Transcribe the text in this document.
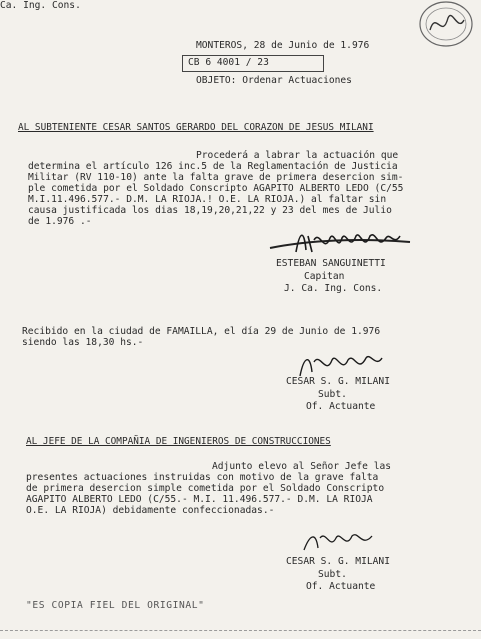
Ca. Ing. Cons.
MONTEROS, 28 de Junio de 1.976
CB 6 4001 / 23
OBJETO: Ordenar Actuaciones
AL SUBTENIENTE CESAR SANTOS GERARDO DEL CORAZON DE JESUS MILANI
Procederá a labrar la actuación que
determina el artículo 126 inc.5 de la Reglamentación de Justicia
Militar (RV 110-10) ante la falta grave de primera desercion sim-
ple cometida por el Soldado Conscripto AGAPITO ALBERTO LEDO (C/55
M.I.11.496.577.- D.M. LA RIOJA.! O.E. LA RIOJA.) al faltar sin
causa justificada los dias 18,19,20,21,22 y 23 del mes de Julio
de 1.976 .-
ESTEBAN SANGUINETTI
Capitan
J. Ca. Ing. Cons.
Recibido en la ciudad de FAMAILLA, el día 29 de Junio de 1.976
siendo las 18,30 hs.-
CESAR S. G. MILANI
Subt.
Of. Actuante
AL JEFE DE LA COMPAÑIA DE INGENIEROS DE CONSTRUCCIONES
Adjunto elevo al Señor Jefe las
presentes actuaciones instruidas con motivo de la grave falta
de primera desercion simple cometida por el Soldado Conscripto
AGAPITO ALBERTO LEDO (C/55.- M.I. 11.496.577.- D.M. LA RIOJA
O.E. LA RIOJA) debidamente confeccionadas.-
CESAR S. G. MILANI
Subt.
Of. Actuante
"ES COPIA FIEL DEL ORIGINAL"
